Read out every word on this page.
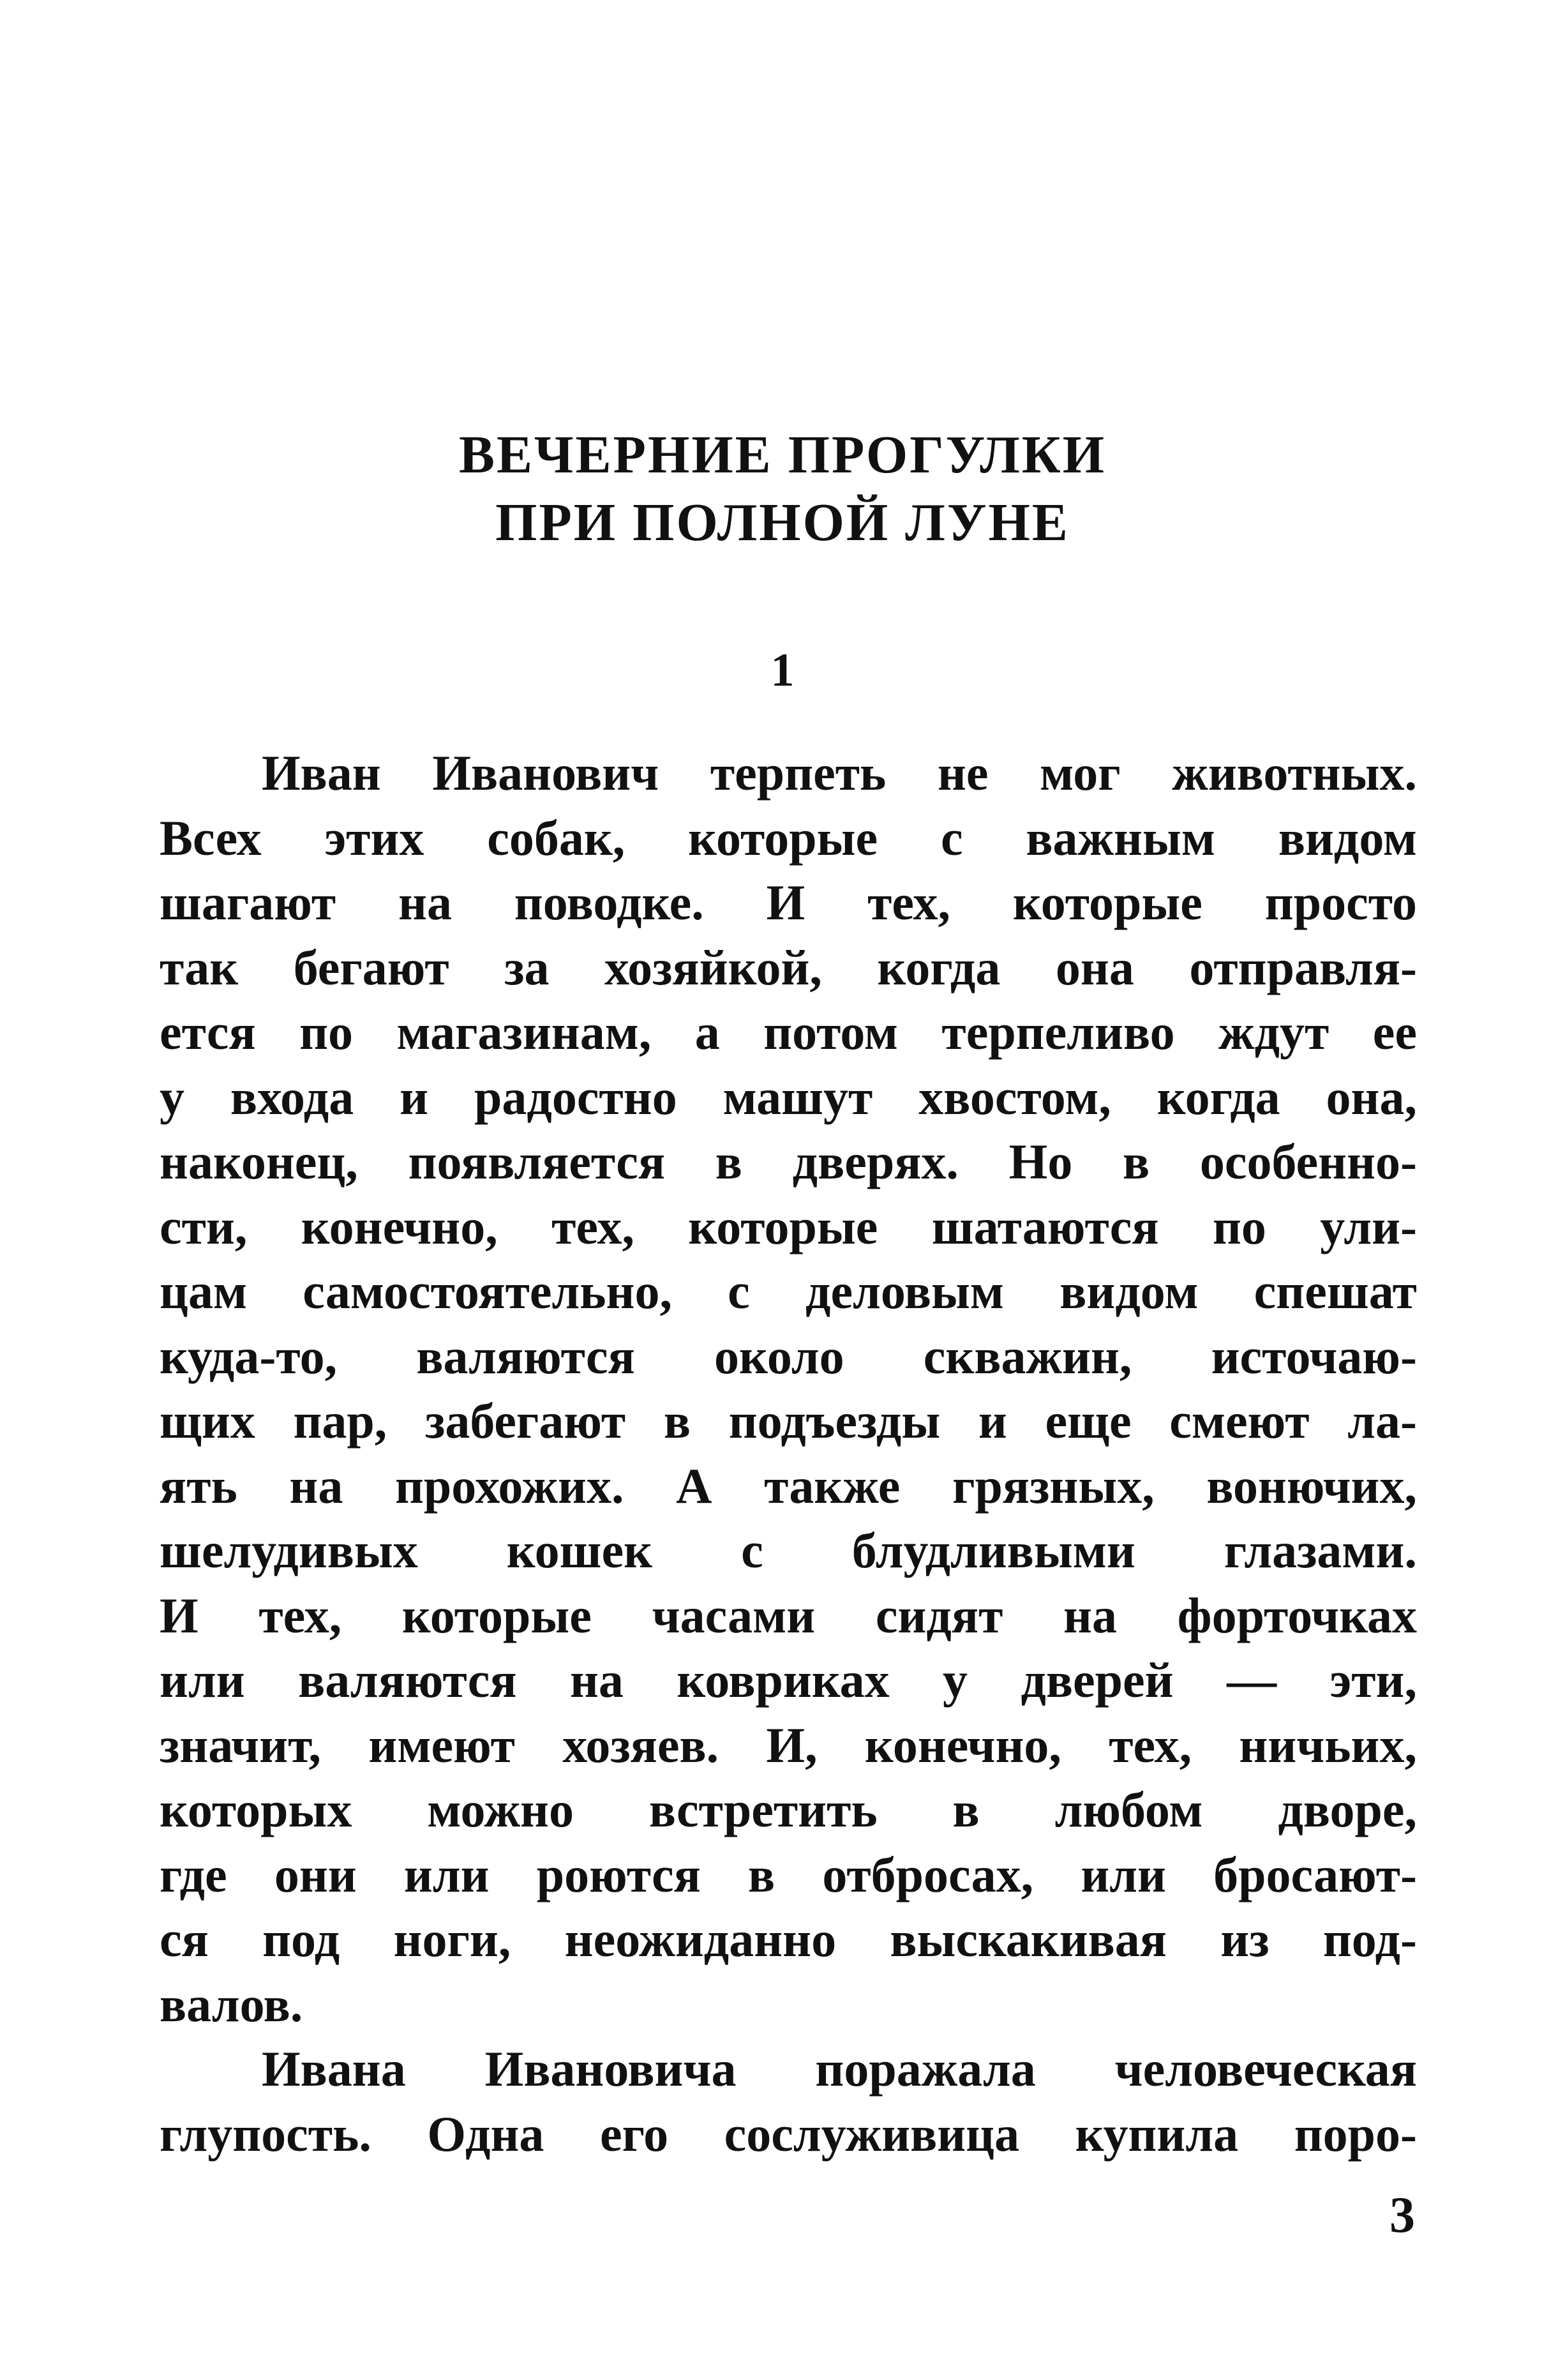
ВЕЧЕРНИЕ ПРОГУЛКИ
ПРИ ПОЛНОЙ ЛУНЕ
1
Иван Иванович терпеть не мог животных.
Всех этих собак, которые с важным видом
шагают на поводке. И тех, которые просто
так бегают за хозяйкой, когда она отправля-
ется по магазинам, а потом терпеливо ждут ее
у входа и радостно машут хвостом, когда она,
наконец, появляется в дверях. Но в особенно-
сти, конечно, тех, которые шатаются по ули-
цам самостоятельно, с деловым видом спешат
куда-то, валяются около скважин, источаю-
щих пар, забегают в подъезды и еще смеют ла-
ять на прохожих. А также грязных, вонючих,
шелудивых кошек с блудливыми глазами.
И тех, которые часами сидят на форточках
или валяются на ковриках у дверей — эти,
значит, имеют хозяев. И, конечно, тех, ничьих,
которых можно встретить в любом дворе,
где они или роются в отбросах, или бросают-
ся под ноги, неожиданно выскакивая из под-
валов.
Ивана Ивановича поражала человеческая
глупость. Одна его сослуживица купила поро-
3
